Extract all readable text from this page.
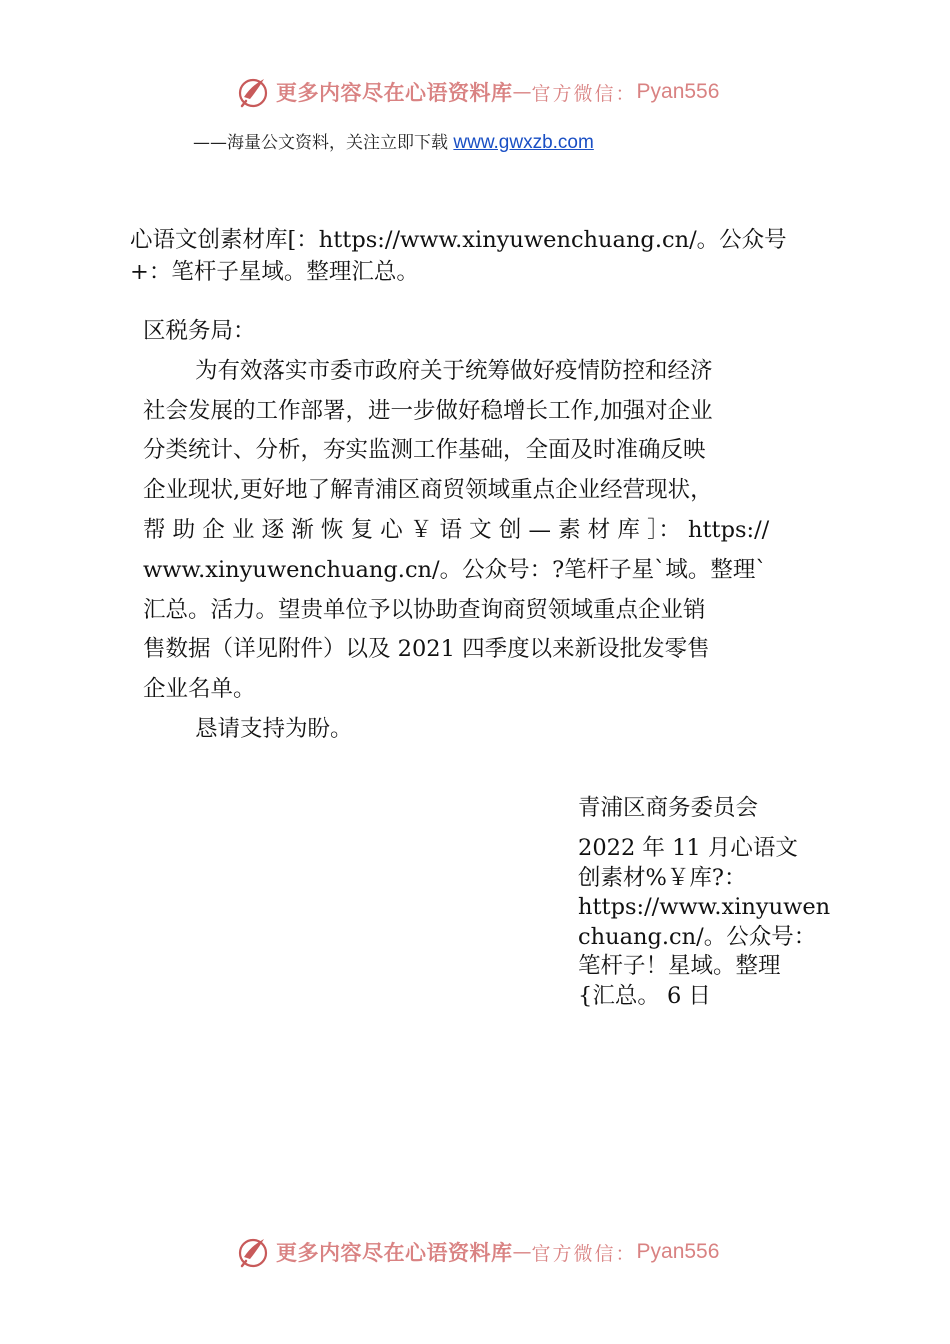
更多内容尽在心语资料库 — 官方微信： Pyan556
——海量公文资料，关注立即下载 www.gwxzb.com
心语文创素材库[：https://www.xinyuwenchuang.cn/。公众号
+：笔杆子星域。整理汇总。
区税务局：
为有效落实市委市政府关于统筹做好疫情防控和经济
社会发展的工作部署，进一步做好稳增长工作,加强对企业
分类统计、分析，夯实监测工作基础，全面及时准确反映
企业现状,更好地了解青浦区商贸领域重点企业经营现状，
帮 助 企 业 逐 渐 恢 复 心 ￥ 语 文 创 — 素 材 库 ］： https://
www.xinyuwenchuang.cn/。公众号：?笔杆子星`域。整理`
汇总。活力。望贵单位予以协助查询商贸领域重点企业销
售数据（详见附件）以及 2021 四季度以来新设批发零售
企业名单。
恳请支持为盼。
青浦区商务委员会
2022 年 11 月心语文
创素材%￥库?：
https://www.xinyuwen
chuang.cn/。公众号：
笔杆子！星域。整理
{汇总。 6 日
更多内容尽在心语资料库 — 官方微信： Pyan556
